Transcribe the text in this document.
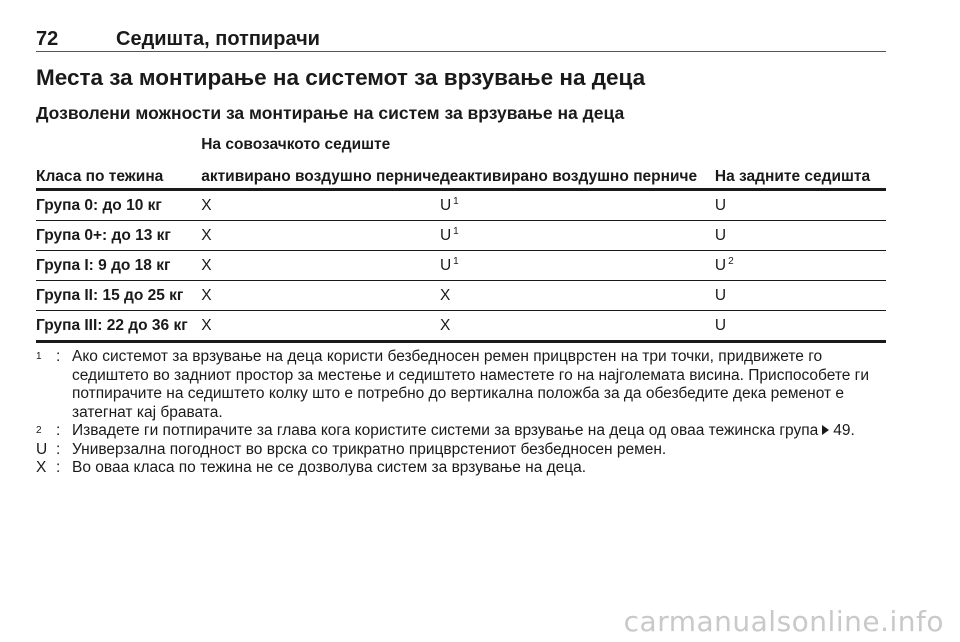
72	Седишта, потпирачи
Места за монтирање на системот за врзување на деца
Дозволени можности за монтирање на систем за врзување на деца
	На совозачкото седиште		
Класа по тежина	активирано воздушно перниче	деактивирано воздушно перниче	На задните седишта
Група 0: до 10 кг	X	U $^1$	U
Група 0+: до 13 кг	X	U $^1$	U
Група I: 9 до 18 кг	X	U $^1$	U $^2$
Група II: 15 до 25 кг	X	X	U
Група III: 22 до 36 кг	X	X	U
$^1$ : Ако системот за врзување на деца користи безбедносен ремен прицврстен на три точки, придвижете го седиштето во задниот простор за местење и седиштето наместете го на најголемата висина. Приспособете ги потпирачите на седиштето колку што е потребно до вертикална положба за да обезбедите дека ременот е затегнат кај бравата.
$^2$ : Извадете ги потпирачите за глава кога користите системи за врзување на деца од оваа тежинска група 49.
U : Универзална погодност во врска со трикратно прицврстениот безбедносен ремен.
X : Во оваа класа по тежина не се дозволува систем за врзување на деца.
carmanualsonline.info
